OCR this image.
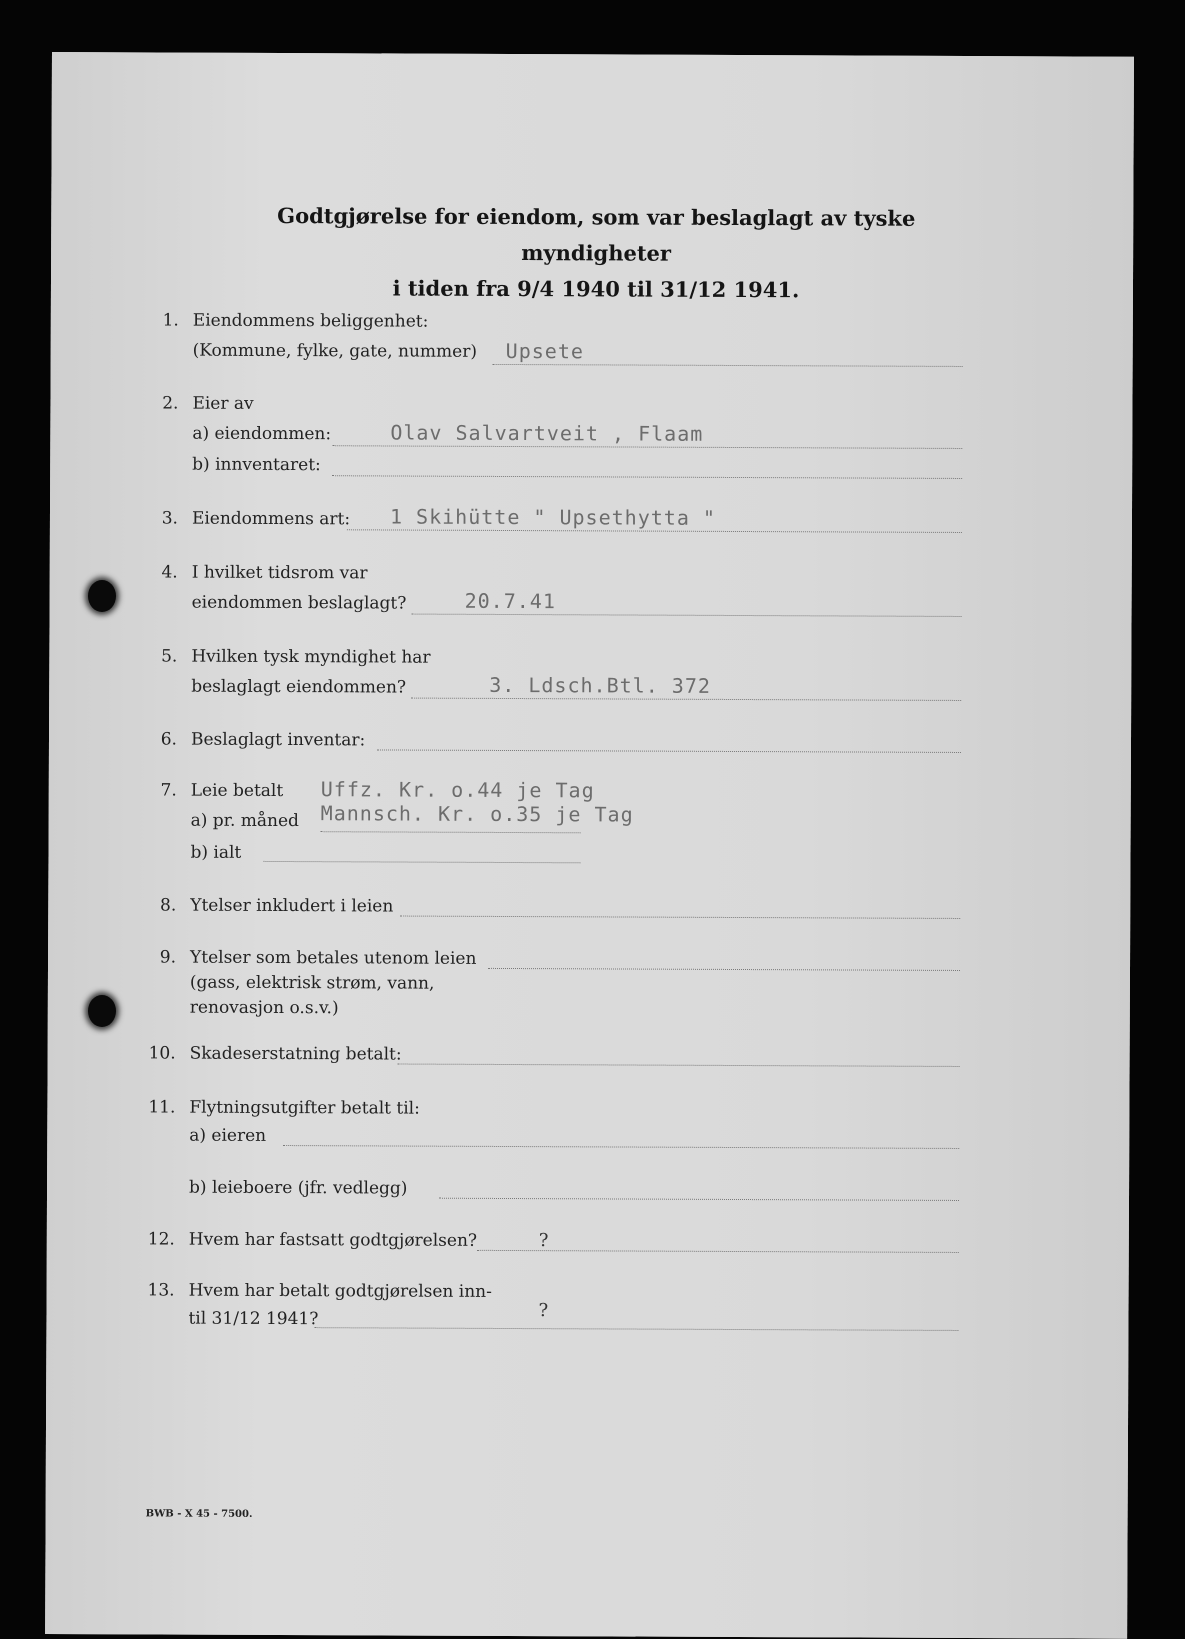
Godtgjørelse for eiendom, som var beslaglagt av tyske myndigheter
i tiden fra 9/4 1940 til 31/12 1941.
1. Eiendommens beliggenhet:
(Kommune, fylke, gate, nummer) Upsete
2. Eier av
a) eiendommen:	Olav Salvartveit , Flaam
b) innventaret:
3. Eiendommens art: 1 Skihütte " Upsethytta "
4. I hvilket tidsrom var
eiendommen beslaglagt?	20.7.41
5. Hvilken tysk myndighet har
beslaglagt eiendommen?	3. Ldsch.Btl. 372
6. Beslaglagt inventar:
7. Leie betalt
a) pr. måned
Uffz. Kr. o.44 je Tag
Mannsch. Kr. o.35 je Tag
b) ialt
8. Ytelser inkludert i leien
9. Ytelser som betales utenom leien
(gass, elektrisk strøm, vann,
renovasjon o.s.v.)
10. Skadeserstatning betalt:
11. Flytningsutgifter betalt til:
a) eieren
b) leieboere (jfr. vedlegg)
12. Hvem har fastsatt godtgjørelsen?	?
13. Hvem har betalt godtgjørelsen inn-
til 31/12 1941?	?
BWB - X 45 - 7500.
